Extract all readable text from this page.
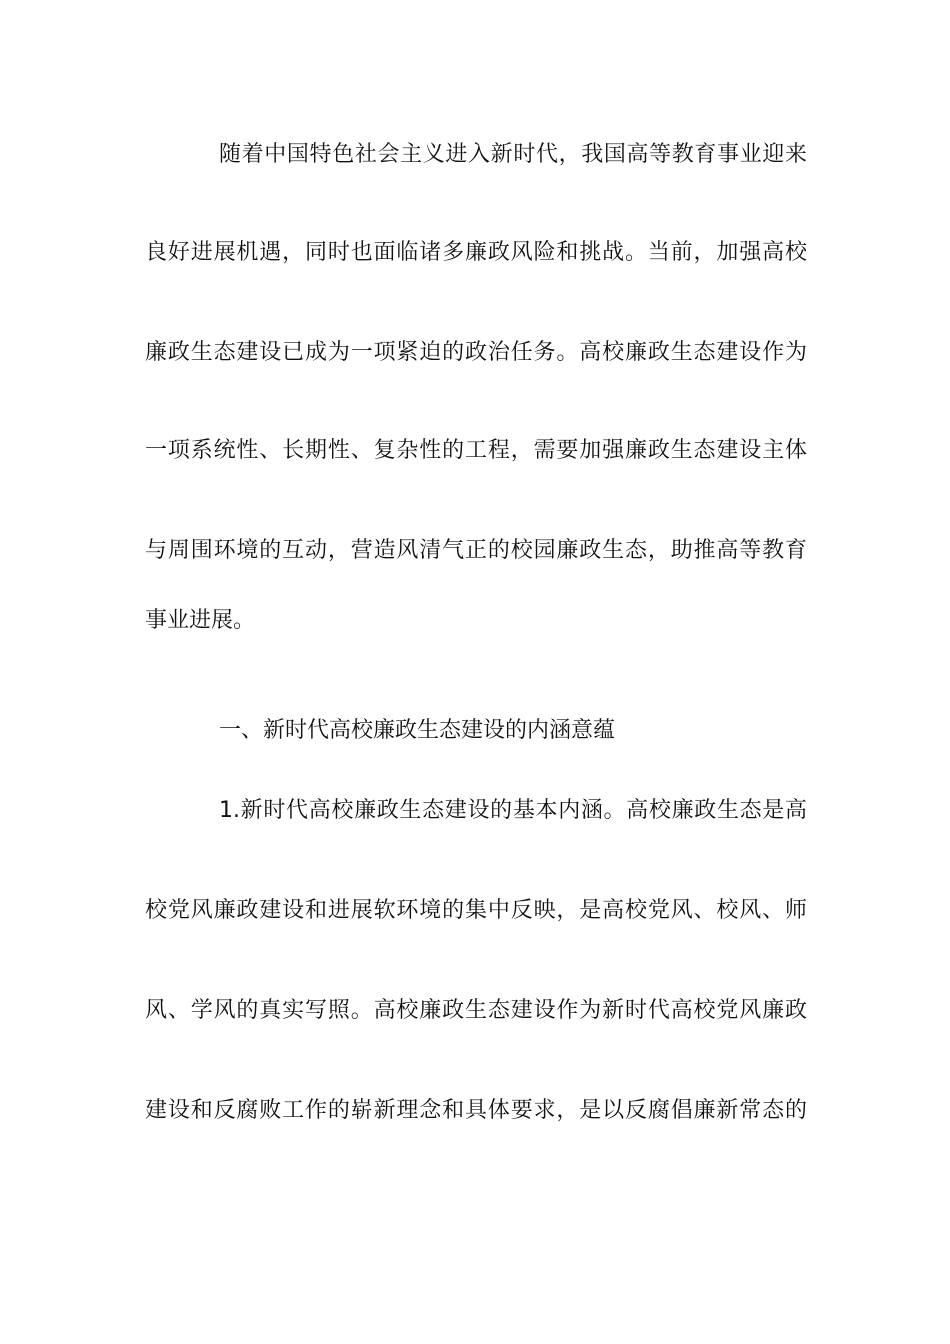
随着中国特色社会主义进入新时代，我国高等教育事业迎来
良好进展机遇，同时也面临诸多廉政风险和挑战。当前，加强高校
廉政生态建设已成为一项紧迫的政治任务。高校廉政生态建设作为
一项系统性、长期性、复杂性的工程，需要加强廉政生态建设主体
与周围环境的互动，营造风清气正的校园廉政生态，助推高等教育
事业进展。
一、新时代高校廉政生态建设的内涵意蕴
1.新时代高校廉政生态建设的基本内涵。高校廉政生态是高
校党风廉政建设和进展软环境的集中反映，是高校党风、校风、师
风、学风的真实写照。高校廉政生态建设作为新时代高校党风廉政
建设和反腐败工作的崭新理念和具体要求，是以反腐倡廉新常态的
